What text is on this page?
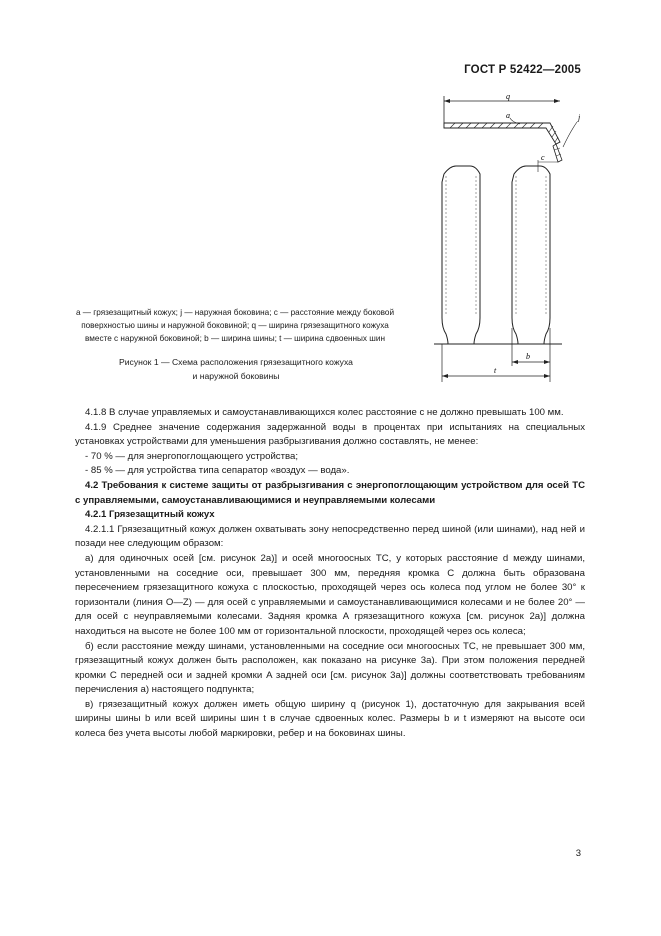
ГОСТ Р 52422—2005
q
a	j
c
b
t
а — грязезащитный кожух; j — наружная боковина; c — расстояние между боковой
поверхностью шины и наружной боковиной; q — ширина грязезащитного кожуха
вместе с наружной боковиной; b — ширина шины; t — ширина сдвоенных шин
Рисунок 1 — Схема расположения грязезащитного кожуха
и наружной боковины

4.1.8 В случае управляемых и самоустанавливающихся колес расстояние c не должно превышать 100 мм.

4.1.9 Среднее значение содержания задержанной воды в процентах при испытаниях на специальных установках устройствами для уменьшения разбрызгивания должно составлять, не менее:

- 70 % — для энергопоглощающего устройства;

- 85 % — для устройства типа сепаратор «воздух — вода».

4.2 Требования к системе защиты от разбрызгивания с энергопоглощающим устройством для осей ТС с управляемыми, самоустанавливающимися и неуправляемыми колесами

4.2.1 Грязезащитный кожух

4.2.1.1 Грязезащитный кожух должен охватывать зону непосредственно перед шиной (или шинами), над ней и позади нее следующим образом:

а) для одиночных осей [см. рисунок 2а)] и осей многоосных ТС, у которых расстояние d между шинами, установленными на соседние оси, превышает 300 мм, передняя кромка C должна быть образована пересечением грязезащитного кожуха с плоскостью, проходящей через ось колеса под углом не более 30° к горизонтали (линия O—Z) — для осей с управляемыми и самоустанавливающимися колесами и не более 20° — для осей с неуправляемыми колесами. Задняя кромка A грязезащитного кожуха [см. рисунок 2а)] должна находиться на высоте не более 100 мм от горизонтальной плоскости, проходящей через ось колеса;

б) если расстояние между шинами, установленными на соседние оси многоосных ТС, не превышает 300 мм, грязезащитный кожух должен быть расположен, как показано на рисунке 3а). При этом положения передней кромки C передней оси и задней кромки A задней оси [см. рисунок 3а)] должны соответствовать требованиям перечисления а) настоящего подпункта;

в) грязезащитный кожух должен иметь общую ширину q (рисунок 1), достаточную для закрывания всей ширины шины b или всей ширины шин t в случае сдвоенных колес. Размеры b и t измеряют на высоте оси колеса без учета высоты любой маркировки, ребер и на боковинах шины.

3
